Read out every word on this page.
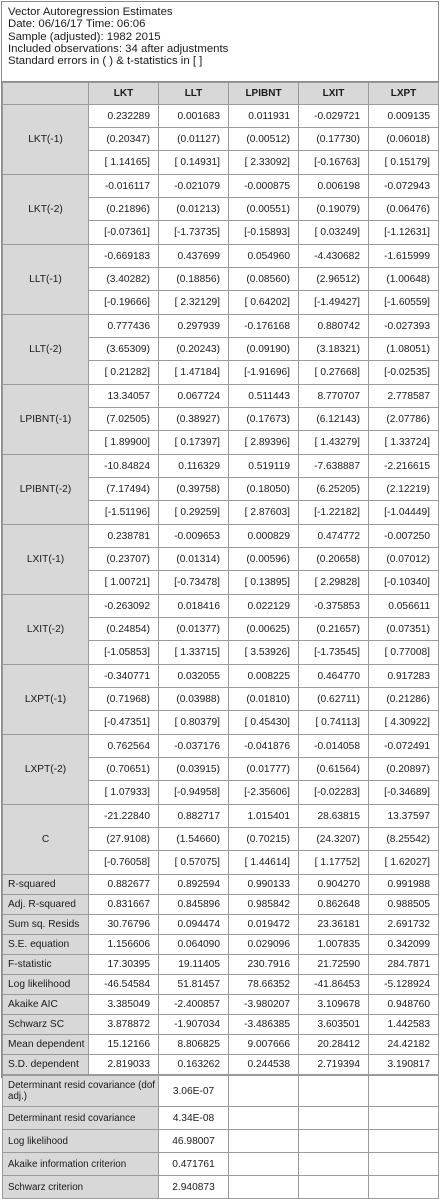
Vector Autoregression Estimates
Date: 06/16/17 Time: 06:06
Sample (adjusted): 1982 2015
Included observations: 34 after adjustments
Standard errors in ( ) & t-statistics in [ ]
	LKT	LLT	LPIBNT	LXIT	LXPT
LKT(-1)	0.232289	0.001683	0.011931	-0.029721	0.009135
	(0.20347)	(0.01127)	(0.00512)	(0.17730)	(0.06018)
	[ 1.14165]	[ 0.14931]	[ 2.33092]	[-0.16763]	[ 0.15179]
LKT(-2)	-0.016117	-0.021079	-0.000875	0.006198	-0.072943
	(0.21896)	(0.01213)	(0.00551)	(0.19079)	(0.06476)
	[-0.07361]	[-1.73735]	[-0.15893]	[ 0.03249]	[-1.12631]
LLT(-1)	-0.669183	0.437699	0.054960	-4.430682	-1.615999
	(3.40282)	(0.18856)	(0.08560)	(2.96512)	(1.00648)
	[-0.19666]	[ 2.32129]	[ 0.64202]	[-1.49427]	[-1.60559]
LLT(-2)	0.777436	0.297939	-0.176168	0.880742	-0.027393
	(3.65309)	(0.20243)	(0.09190)	(3.18321)	(1.08051)
	[ 0.21282]	[ 1.47184]	[-1.91696]	[ 0.27668]	[-0.02535]
LPIBNT(-1)	13.34057	0.067724	0.511443	8.770707	2.778587
	(7.02505)	(0.38927)	(0.17673)	(6.12143)	(2.07786)
	[ 1.89900]	[ 0.17397]	[ 2.89396]	[ 1.43279]	[ 1.33724]
LPIBNT(-2)	-10.84824	0.116329	0.519119	-7.638887	-2.216615
	(7.17494)	(0.39758)	(0.18050)	(6.25205)	(2.12219)
	[-1.51196]	[ 0.29259]	[ 2.87603]	[-1.22182]	[-1.04449]
LXIT(-1)	0.238781	-0.009653	0.000829	0.474772	-0.007250
	(0.23707)	(0.01314)	(0.00596)	(0.20658)	(0.07012)
	[ 1.00721]	[-0.73478]	[ 0.13895]	[ 2.29828]	[-0.10340]
LXIT(-2)	-0.263092	0.018416	0.022129	-0.375853	0.056611
	(0.24854)	(0.01377)	(0.00625)	(0.21657)	(0.07351)
	[-1.05853]	[ 1.33715]	[ 3.53926]	[-1.73545]	[ 0.77008]
LXPT(-1)	-0.340771	0.032055	0.008225	0.464770	0.917283
	(0.71968)	(0.03988)	(0.01810)	(0.62711)	(0.21286)
	[-0.47351]	[ 0.80379]	[ 0.45430]	[ 0.74113]	[ 4.30922]
LXPT(-2)	0.762564	-0.037176	-0.041876	-0.014058	-0.072491
	(0.70651)	(0.03915)	(0.01777)	(0.61564)	(0.20897)
	[ 1.07933]	[-0.94958]	[-2.35606]	[-0.02283]	[-0.34689]
C	-21.22840	0.882717	1.015401	28.63815	13.37597
	(27.9108)	(1.54660)	(0.70215)	(24.3207)	(8.25542)
	[-0.76058]	[ 0.57075]	[ 1.44614]	[ 1.17752]	[ 1.62027]
R-squared	0.882677	0.892594	0.990133	0.904270	0.991988
Adj. R-squared	0.831667	0.845896	0.985842	0.862648	0.988505
Sum sq. Resids	30.76796	0.094474	0.019472	23.36181	2.691732
S.E. equation	1.156606	0.064090	0.029096	1.007835	0.342099
F-statistic	17.30395	19.11405	230.7916	21.72590	284.7871
Log likelihood	-46.54584	51.81457	78.66352	-41.86453	-5.128924
Akaike AIC	3.385049	-2.400857	-3.980207	3.109678	0.948760
Schwarz SC	3.878872	-1.907034	-3.486385	3.603501	1.442583
Mean dependent	15.12166	8.806825	9.007666	20.28412	24.42182
S.D. dependent	2.819033	0.163262	0.244538	2.719394	3.190817
Determinant resid covariance (dof adj.)	3.06E-07			
Determinant resid covariance	4.34E-08			
Log likelihood	46.98007			
Akaike information criterion	0.471761			
Schwarz criterion	2.940873			
